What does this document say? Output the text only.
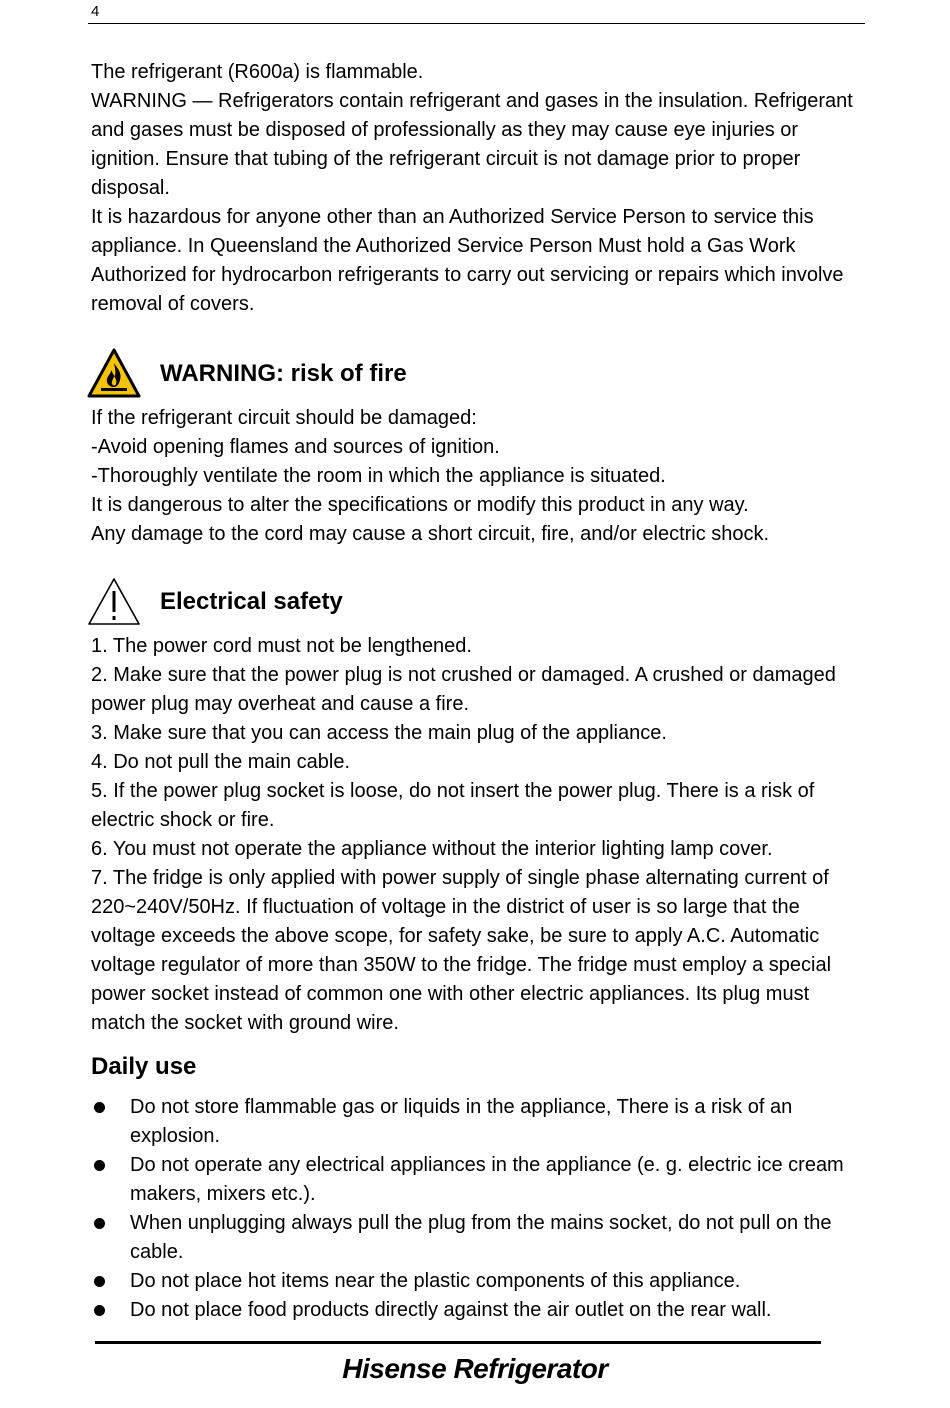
4

The refrigerant (R600a) is flammable.

WARNING — Refrigerators contain refrigerant and gases in the insulation. Refrigerant and gases must be disposed of professionally as they may cause eye injuries or ignition. Ensure that tubing of the refrigerant circuit is not damage prior to proper disposal.

It is hazardous for anyone other than an Authorized Service Person to service this appliance. In Queensland the Authorized Service Person Must hold a Gas Work Authorized for hydrocarbon refrigerants to carry out servicing or repairs which involve removal of covers.

WARNING: risk of fire

If the refrigerant circuit should be damaged:

-Avoid opening flames and sources of ignition.

-Thoroughly ventilate the room in which the appliance is situated.

It is dangerous to alter the specifications or modify this product in any way.

Any damage to the cord may cause a short circuit, fire, and/or electric shock.

Electrical safety

1. The power cord must not be lengthened.

2. Make sure that the power plug is not crushed or damaged. A crushed or damaged power plug may overheat and cause a fire.

3. Make sure that you can access the main plug of the appliance.

4. Do not pull the main cable.

5. If the power plug socket is loose, do not insert the power plug. There is a risk of electric shock or fire.

6. You must not operate the appliance without the interior lighting lamp cover.

7. The fridge is only applied with power supply of single phase alternating current of 220~240V/50Hz. If fluctuation of voltage in the district of user is so large that the voltage exceeds the above scope, for safety sake, be sure to apply A.C. Automatic voltage regulator of more than 350W to the fridge. The fridge must employ a special power socket instead of common one with other electric appliances. Its plug must match the socket with ground wire.

Daily use
Do not store flammable gas or liquids in the appliance, There is a risk of an explosion.
Do not operate any electrical appliances in the appliance (e. g. electric ice cream makers, mixers etc.).
When unplugging always pull the plug from the mains socket, do not pull on the cable.
Do not place hot items near the plastic components of this appliance.
Do not place food products directly against the air outlet on the rear wall.
Hisense Refrigerator
